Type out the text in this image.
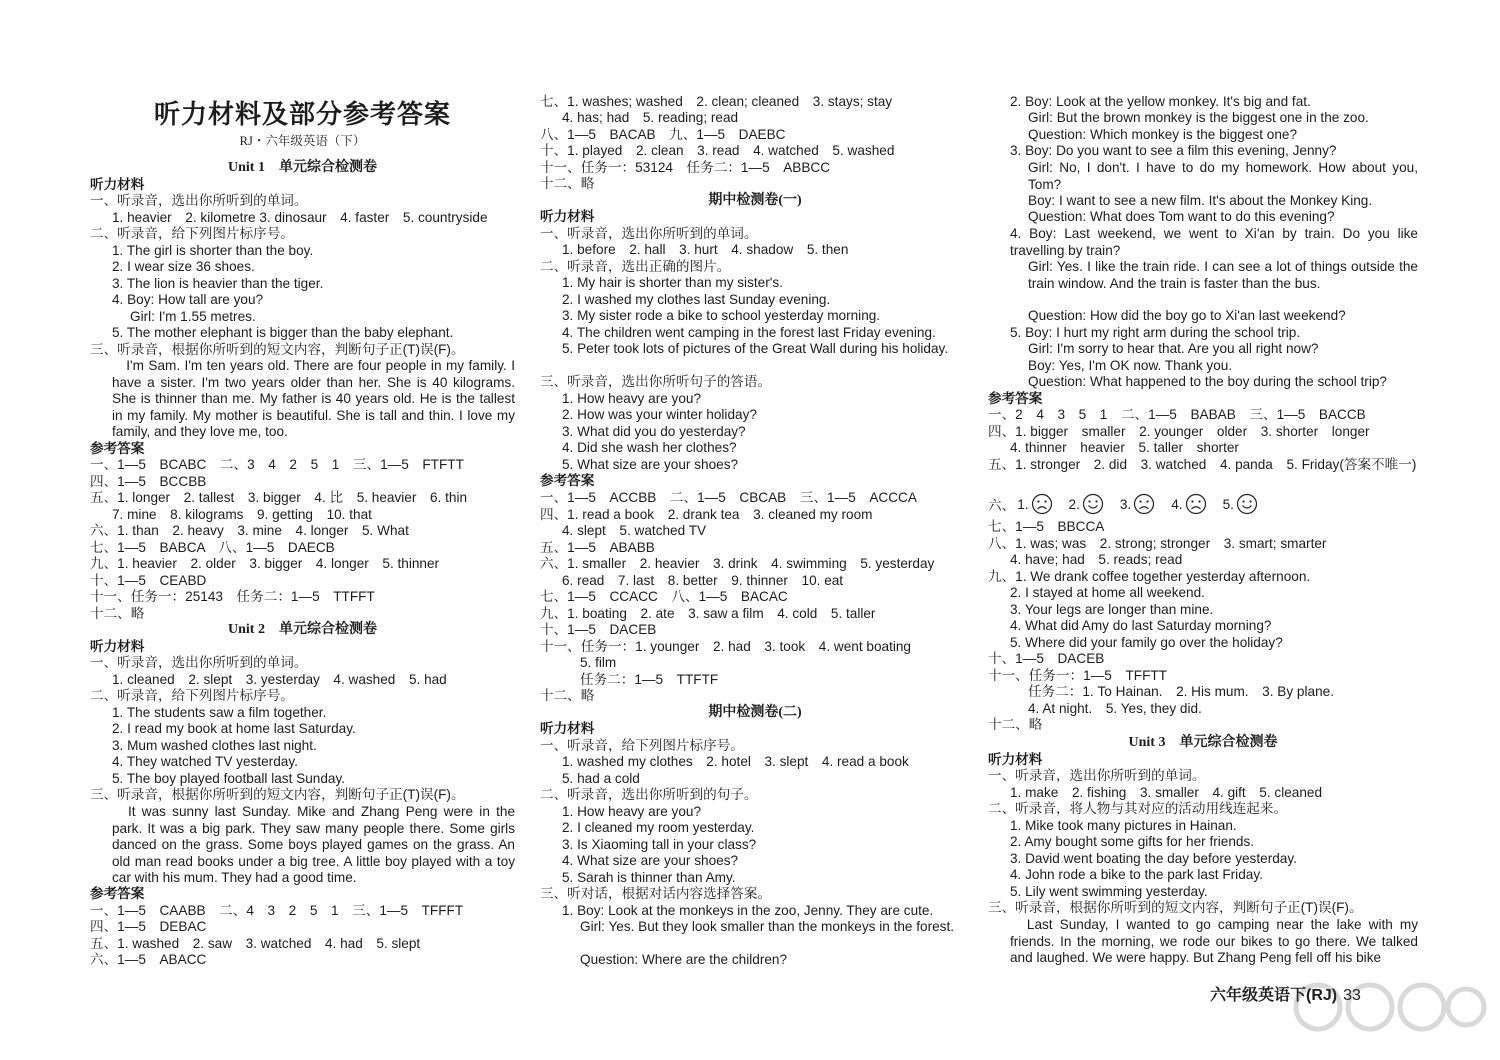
听力材料及部分参考答案
RJ・六年级英语（下）
Unit 1　单元综合检测卷
听力材料
一、听录音，选出你所听到的单词。
1. heavier　2. kilometre 3. dinosaur　4. faster　5. countryside
二、听录音，给下列图片标序号。
1. The girl is shorter than the boy.
2. I wear size 36 shoes.
3. The lion is heavier than the tiger.
4. Boy: How tall are you?
Girl: I'm 1.55 metres.
5. The mother elephant is bigger than the baby elephant.
三、听录音，根据你所听到的短文内容，判断句子正(T)误(F)。
　I'm Sam. I'm ten years old. There are four people in my family. I have a sister. I'm two years older than her. She is 40 kilograms. She is thinner than me. My father is 40 years old. He is the tallest in my family. My mother is beautiful. She is tall and thin. I love my family, and they love me, too.
参考答案
一、1—5　BCABC　二、3　4　2　5　1　三、1—5　FTFTT
四、1—5　BCCBB
五、1. longer　2. tallest　3. bigger　4. 比　5. heavier　6. thin
7. mine　8. kilograms　9. getting　10. that
六、1. than　2. heavy　3. mine　4. longer　5. What
七、1—5　BABCA　八、1—5　DAECB
九、1. heavier　2. older　3. bigger　4. longer　5. thinner
十、1—5　CEABD
十一、任务一：25143　任务二：1—5　TTFFT
十二、略
Unit 2　单元综合检测卷
听力材料
一、听录音，选出你所听到的单词。
1. cleaned　2. slept　3. yesterday　4. washed　5. had
二、听录音，给下列图片标序号。
1. The students saw a film together.
2. I read my book at home last Saturday.
3. Mum washed clothes last night.
4. They watched TV yesterday.
5. The boy played football last Sunday.
三、听录音，根据你所听到的短文内容，判断句子正(T)误(F)。
　It was sunny last Sunday. Mike and Zhang Peng were in the park. It was a big park. They saw many people there. Some girls danced on the grass. Some boys played games on the grass. An old man read books under a big tree. A little boy played with a toy car with his mum. They had a good time.
参考答案
一、1—5　CAABB　二、4　3　2　5　1　三、1—5　TFFFT
四、1—5　DEBAC
五、1. washed　2. saw　3. watched　4. had　5. slept
六、1—5　ABACC
七、1. washes; washed　2. clean; cleaned　3. stays; stay
4. has; had　5. reading; read
八、1—5　BACAB　九、1—5　DAEBC
十、1. played　2. clean　3. read　4. watched　5. washed
十一、任务一：53124　任务二：1—5　ABBCC
十二、略
期中检测卷(一)
听力材料
一、听录音，选出你所听到的单词。
1. before　2. hall　3. hurt　4. shadow　5. then
二、听录音，选出正确的图片。
1. My hair is shorter than my sister's.
2. I washed my clothes last Sunday evening.
3. My sister rode a bike to school yesterday morning.
4. The children went camping in the forest last Friday evening.
5. Peter took lots of pictures of the Great Wall during his holiday.
三、听录音，选出你所听句子的答语。
1. How heavy are you?
2. How was your winter holiday?
3. What did you do yesterday?
4. Did she wash her clothes?
5. What size are your shoes?
参考答案
一、1—5　ACCBB　二、1—5　CBCAB　三、1—5　ACCCA
四、1. read a book　2. drank tea　3. cleaned my room
4. slept　5. watched TV
五、1—5　ABABB
六、1. smaller　2. heavier　3. drink　4. swimming　5. yesterday
6. read　7. last　8. better　9. thinner　10. eat
七、1—5　CCACC　八、1—5　BACAC
九、1. boating　2. ate　3. saw a film　4. cold　5. taller
十、1—5　DACEB
十一、任务一：1. younger　2. had　3. took　4. went boating
5. film
任务二：1—5　TTFTF
十二、略
期中检测卷(二)
听力材料
一、听录音，给下列图片标序号。
1. washed my clothes　2. hotel　3. slept　4. read a book
5. had a cold
二、听录音，选出你所听到的句子。
1. How heavy are you?
2. I cleaned my room yesterday.
3. Is Xiaoming tall in your class?
4. What size are your shoes?
5. Sarah is thinner than Amy.
三、听对话，根据对话内容选择答案。
1. Boy: Look at the monkeys in the zoo, Jenny. They are cute.
Girl: Yes. But they look smaller than the monkeys in the forest.
Question: Where are the children?
六、 1.	2.	3.	4.	5.
2. Boy: Look at the yellow monkey. It's big and fat.
Girl: But the brown monkey is the biggest one in the zoo.
Question: Which monkey is the biggest one?
3. Boy: Do you want to see a film this evening, Jenny?
Girl: No, I don't. I have to do my homework. How about you, Tom?
Boy: I want to see a new film. It's about the Monkey King.
Question: What does Tom want to do this evening?
4. Boy: Last weekend, we went to Xi'an by train. Do you like travelling by train?
Girl: Yes. I like the train ride. I can see a lot of things outside the train window. And the train is faster than the bus.
Question: How did the boy go to Xi'an last weekend?
5. Boy: I hurt my right arm during the school trip.
Girl: I'm sorry to hear that. Are you all right now?
Boy: Yes, I'm OK now. Thank you.
Question: What happened to the boy during the school trip?
参考答案
一、2　4　3　5　1　二、1—5　BABAB　三、1—5　BACCB
四、1. bigger　smaller　2. younger　older　3. shorter　longer
4. thinner　heavier　5. taller　shorter
五、1. stronger　2. did　3. watched　4. panda　5. Friday(答案不唯一)
七、1—5　BBCCA
八、1. was; was　2. strong; stronger　3. smart; smarter
4. have; had　5. reads; read
九、1. We drank coffee together yesterday afternoon.
2. I stayed at home all weekend.
3. Your legs are longer than mine.
4. What did Amy do last Saturday morning?
5. Where did your family go over the holiday?
十、1—5　DACEB
十一、任务一：1—5　TFFTT
任务二：1. To Hainan.　2. His mum.　3. By plane.
4. At night.　5. Yes, they did.
十二、略
Unit 3　单元综合检测卷
听力材料
一、听录音，选出你所听到的单词。
1. make　2. fishing　3. smaller　4. gift　5. cleaned
二、听录音，将人物与其对应的活动用线连起来。
1. Mike took many pictures in Hainan.
2. Amy bought some gifts for her friends.
3. David went boating the day before yesterday.
4. John rode a bike to the park last Friday.
5. Lily went swimming yesterday.
三、听录音，根据你所听到的短文内容，判断句子正(T)误(F)。
　Last Sunday, I wanted to go camping near the lake with my friends. In the morning, we rode our bikes to go there. We talked and laughed. We were happy. But Zhang Peng fell off his bike
六年级英语下(RJ) 33
